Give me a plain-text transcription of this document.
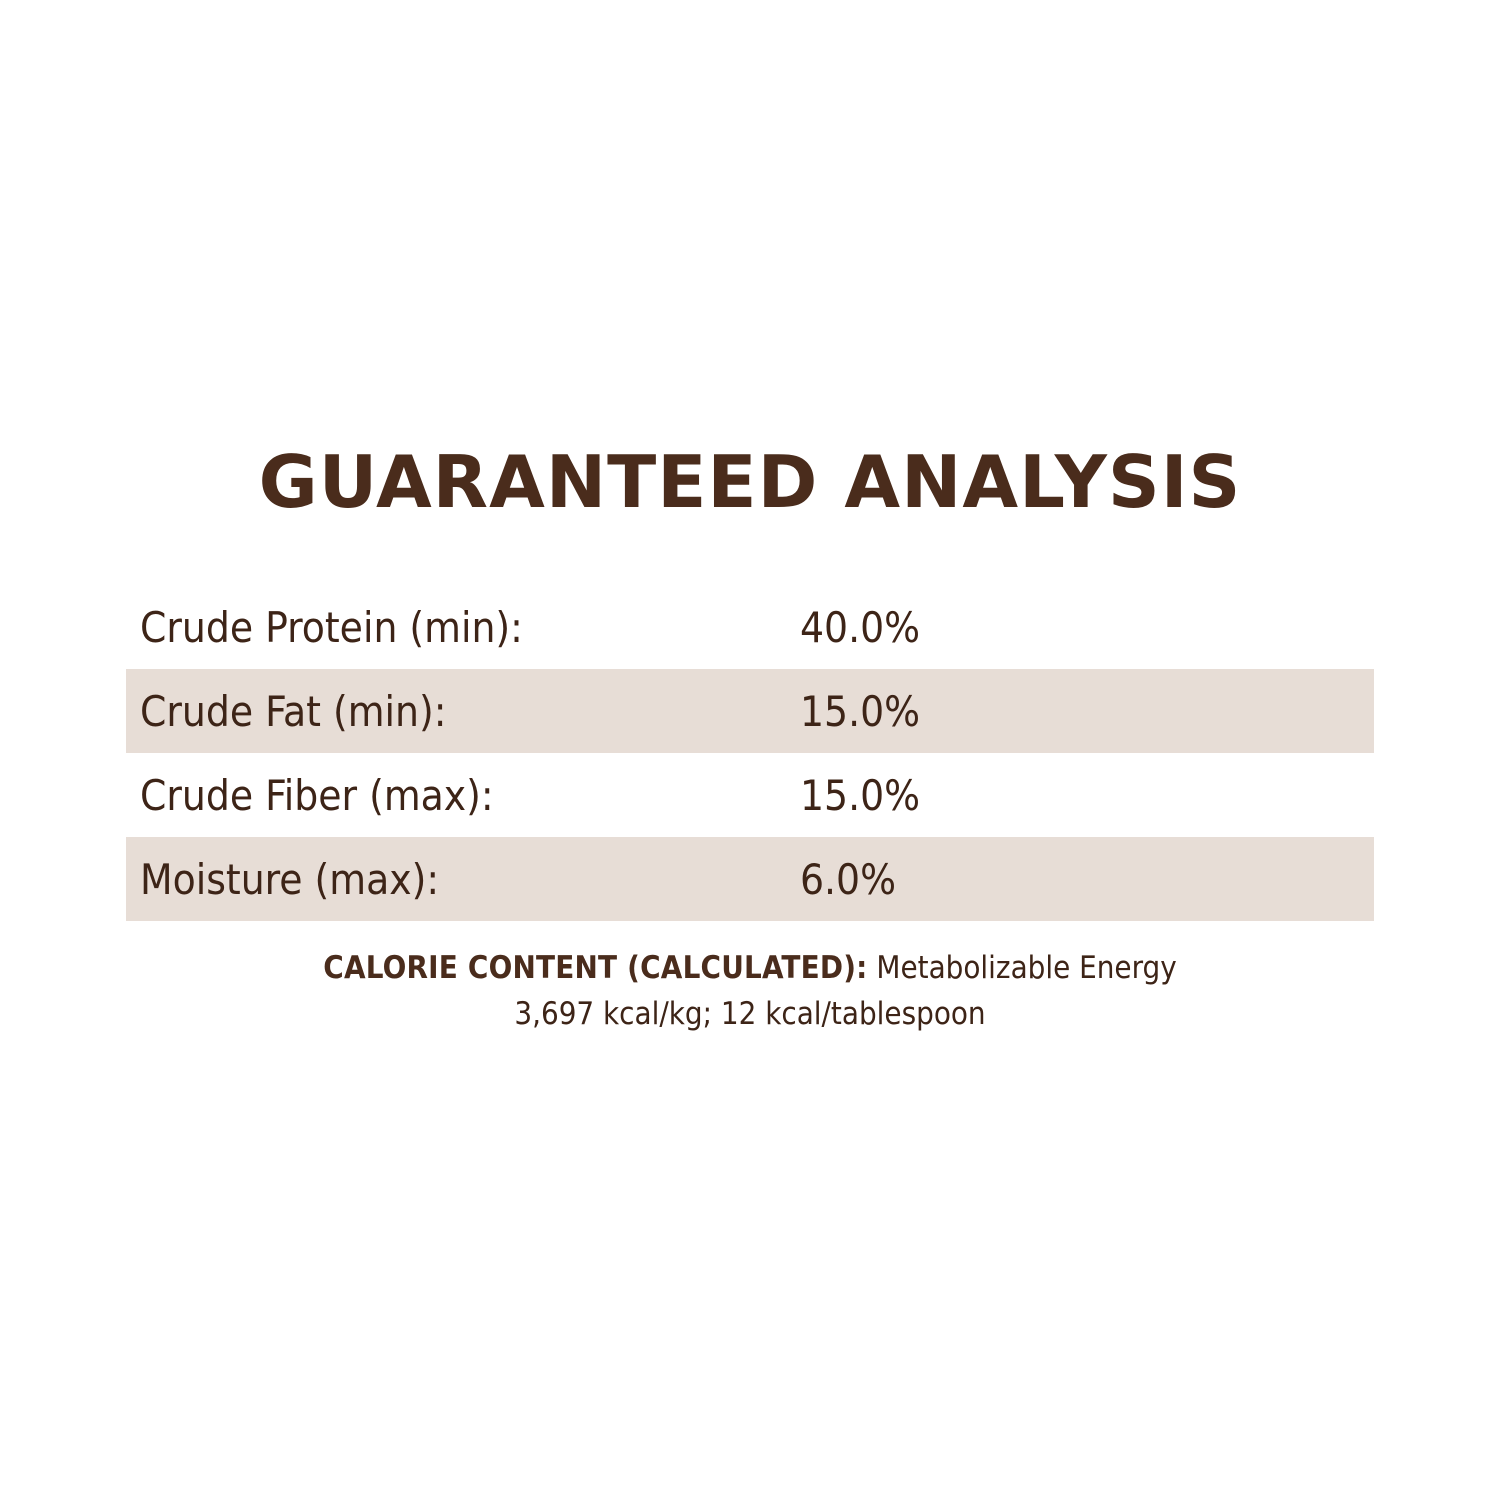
GUARANTEED ANALYSIS
Crude Protein (min):	40.0%
Crude Fat (min):	15.0%
Crude Fiber (max):	15.0%
Moisture (max):	6.0%
CALORIE CONTENT (CALCULATED): Metabolizable Energy
3,697 kcal/kg; 12 kcal/tablespoon
